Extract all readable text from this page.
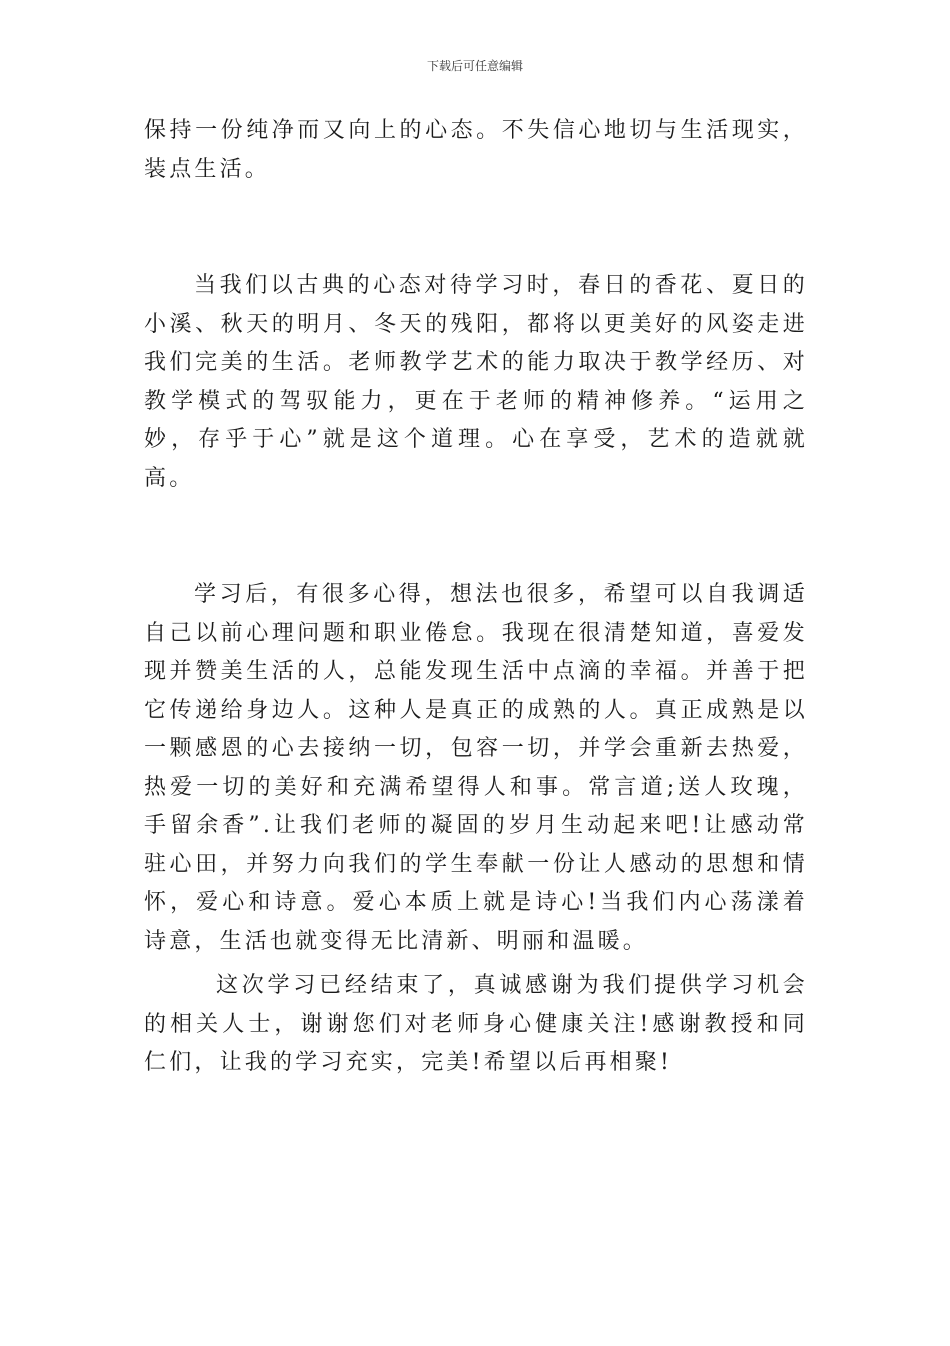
下载后可任意编辑

保持一份纯净而又向上的心态。不失信心地切与生活现实，装点生活。

当我们以古典的心态对待学习时，春日的香花、夏日的小溪、秋天的明月、冬天的残阳，都将以更美好的风姿走进我们完美的生活。老师教学艺术的能力取决于教学经历、对教学模式的驾驭能力，更在于老师的精神修养。“运用之妙，存乎于心”就是这个道理。心在享受，艺术的造就就高。

学习后，有很多心得，想法也很多，希望可以自我调适自己以前心理问题和职业倦怠。我现在很清楚知道，喜爱发现并赞美生活的人，总能发现生活中点滴的幸福。并善于把它传递给身边人。这种人是真正的成熟的人。真正成熟是以一颗感恩的心去接纳一切，包容一切，并学会重新去热爱，热爱一切的美好和充满希望得人和事。常言道;送人玫瑰，手留余香”.让我们老师的凝固的岁月生动起来吧!让感动常驻心田，并努力向我们的学生奉献一份让人感动的思想和情怀，爱心和诗意。爱心本质上就是诗心!当我们内心荡漾着诗意，生活也就变得无比清新、明丽和温暖。

这次学习已经结束了，真诚感谢为我们提供学习机会的相关人士，谢谢您们对老师身心健康关注!感谢教授和同仁们，让我的学习充实，完美!希望以后再相聚!
